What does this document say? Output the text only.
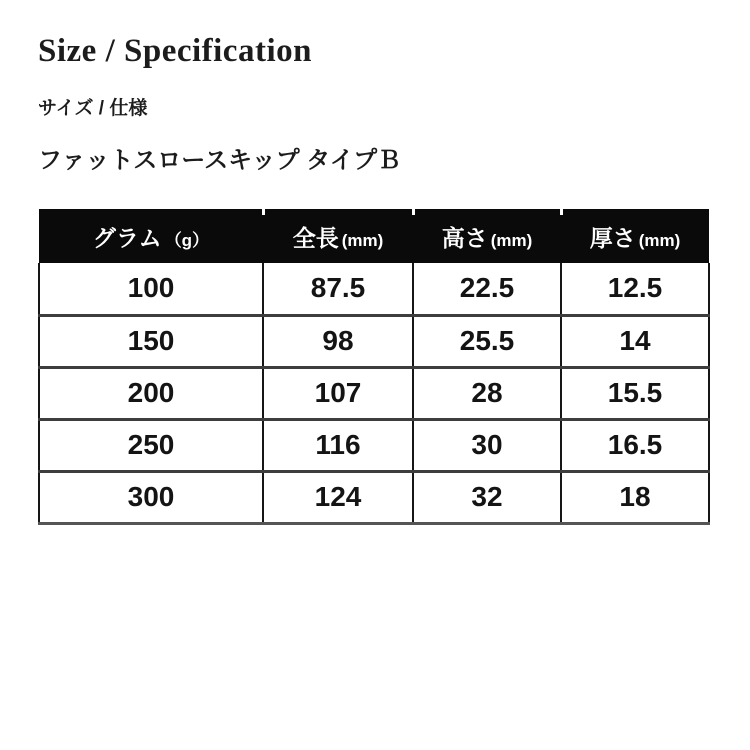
Size / Specification
サイズ / 仕様
ファットスロースキップ タイプＢ
グラム （g）	全長 (mm)	高さ (mm)	厚さ (mm)
100	87.5	22.5	12.5
150	98	25.5	14
200	107	28	15.5
250	116	30	16.5
300	124	32	18
